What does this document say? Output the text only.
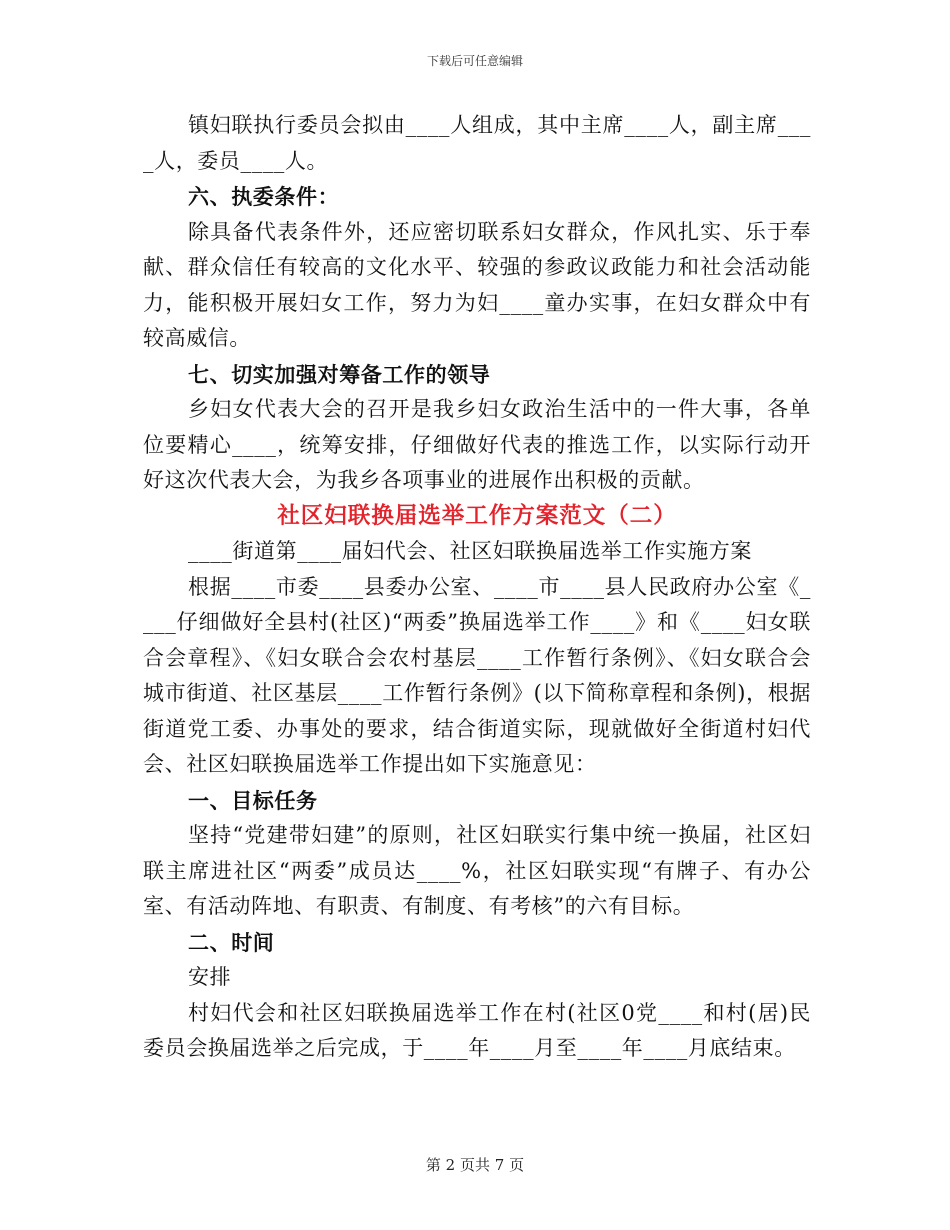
下载后可任意编辑

镇妇联执行委员会拟由____人组成，其中主席____人，副主席____人，委员____人。

六、执委条件：

除具备代表条件外，还应密切联系妇女群众，作风扎实、乐于奉献、群众信任有较高的文化水平、较强的参政议政能力和社会活动能力，能积极开展妇女工作，努力为妇____童办实事，在妇女群众中有较高威信。

七、切实加强对筹备工作的领导

乡妇女代表大会的召开是我乡妇女政治生活中的一件大事，各单位要精心____，统筹安排，仔细做好代表的推选工作，以实际行动开好这次代表大会，为我乡各项事业的进展作出积极的贡献。

社区妇联换届选举工作方案范文（二）

____街道第____届妇代会、社区妇联换届选举工作实施方案

根据____市委____县委办公室、____市____县人民政府办公室《____仔细做好全县村(社区)“两委”换届选举工作____》和《____妇女联合会章程》、《妇女联合会农村基层____工作暂行条例》、《妇女联合会城市街道、社区基层____工作暂行条例》(以下简称章程和条例)，根据街道党工委、办事处的要求，结合街道实际，现就做好全街道村妇代会、社区妇联换届选举工作提出如下实施意见：

一、目标任务

坚持“党建带妇建”的原则，社区妇联实行集中统一换届，社区妇联主席进社区“两委”成员达____%，社区妇联实现“有牌子、有办公室、有活动阵地、有职责、有制度、有考核”的六有目标。

二、时间

安排

村妇代会和社区妇联换届选举工作在村(社区0党____和村(居)民委员会换届选举之后完成，于____年____月至____年____月底结束。

第 2 页共 7 页
